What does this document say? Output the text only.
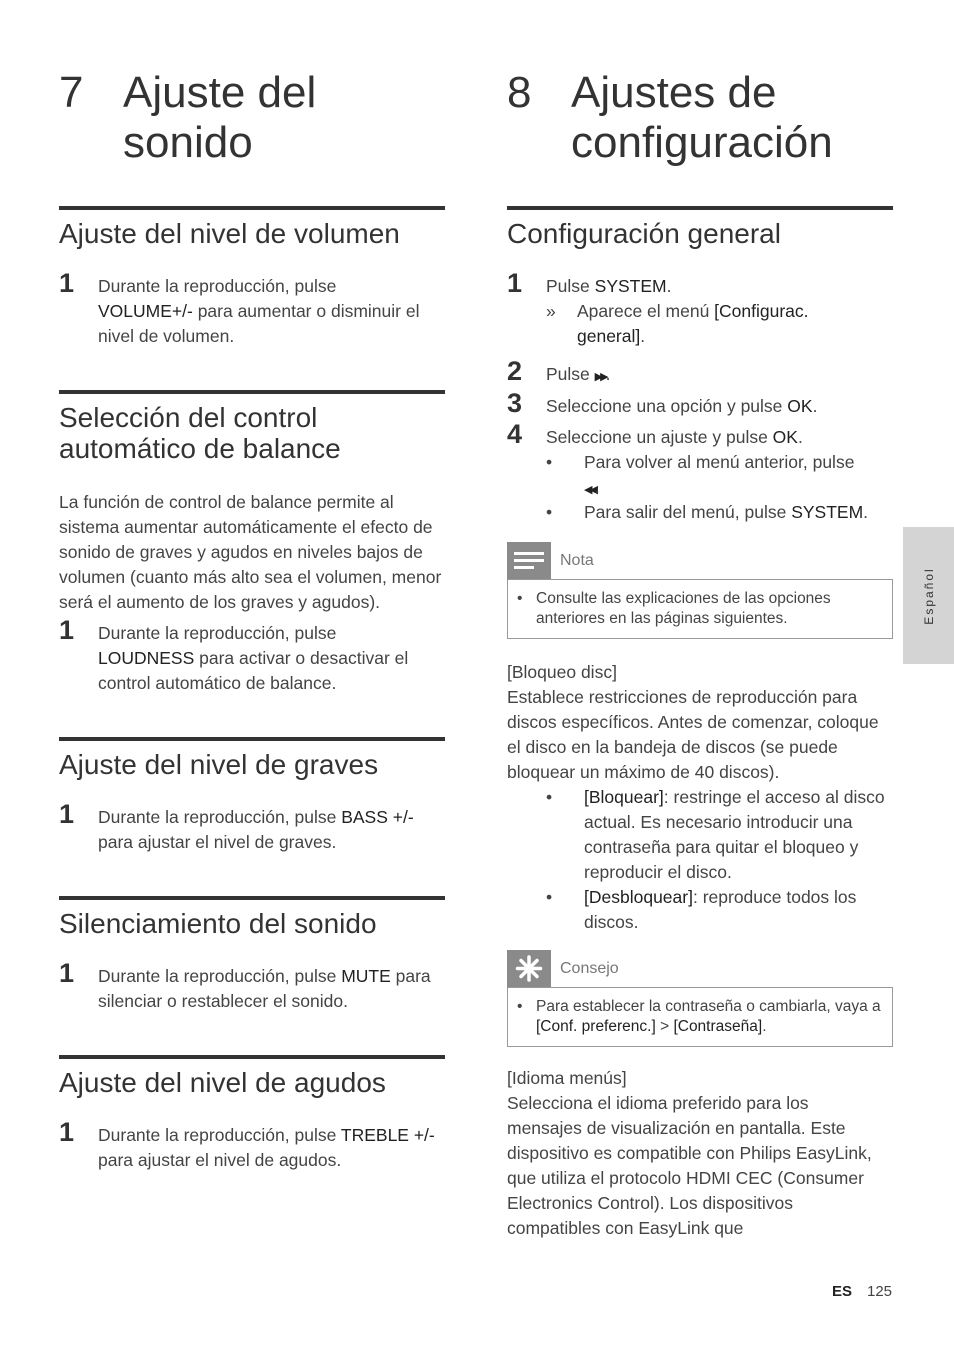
7 Ajuste del
sonido
Ajuste del nivel de volumen
1 Durante la reproducción, pulse
VOLUME+/- para aumentar o disminuir el nivel de volumen.
Selección del control
automático de balance
La función de control de balance permite al sistema aumentar automáticamente el efecto de sonido de graves y agudos en niveles bajos de volumen (cuanto más alto sea el volumen, menor será el aumento de los graves y agudos).
1 Durante la reproducción, pulse
LOUDNESS para activar o desactivar el control automático de balance.
Ajuste del nivel de graves
1 Durante la reproducción, pulse BASS +/- para ajustar el nivel de graves.
Silenciamiento del sonido
1 Durante la reproducción, pulse MUTE para silenciar o restablecer el sonido.
Ajuste del nivel de agudos
1 Durante la reproducción, pulse TREBLE +/- para ajustar el nivel de agudos.
8 Ajustes de
configuración
Configuración general
1 Pulse SYSTEM.
» Aparece el menú [Configurac. general].
2 Pulse ▶▶.
3 Seleccione una opción y pulse OK.
4 Seleccione un ajuste y pulse OK.
• Para volver al menú anterior, pulse
◀◀.
• Para salir del menú, pulse SYSTEM.
Nota
• Consulte las explicaciones de las opciones anteriores en las páginas siguientes.
[Bloqueo disc]
Establece restricciones de reproducción para discos específicos. Antes de comenzar, coloque el disco en la bandeja de discos (se puede bloquear un máximo de 40 discos).
• [Bloquear]: restringe el acceso al disco actual. Es necesario introducir una contraseña para quitar el bloqueo y reproducir el disco.
• [Desbloquear]: reproduce todos los discos.
Consejo
• Para establecer la contraseña o cambiarla, vaya a [Conf. preferenc.] > [Contraseña].
[Idioma menús]
Selecciona el idioma preferido para los mensajes de visualización en pantalla. Este dispositivo es compatible con Philips EasyLink, que utiliza el protocolo HDMI CEC (Consumer Electronics Control). Los dispositivos compatibles con EasyLink que
Español
ES 125
